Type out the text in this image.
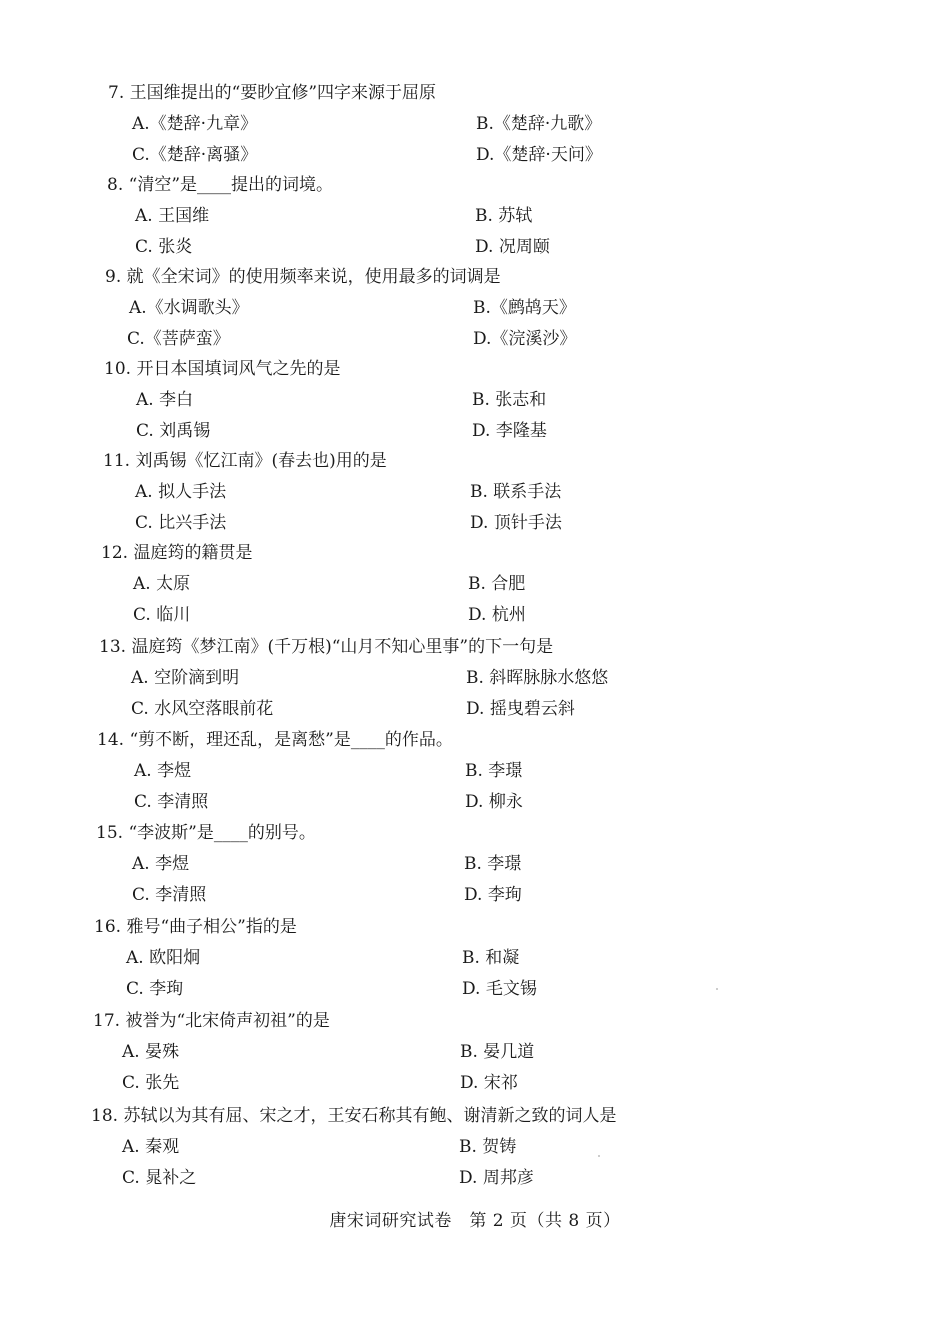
7. 王国维提出的“要眇宜修”四字来源于屈原
A.《楚辞·九章》	B.《楚辞·九歌》
C.《楚辞·离骚》	D.《楚辞·天问》
8. “清空”是____提出的词境。
A. 王国维	B. 苏轼
C. 张炎	D. 况周颐
9. 就《全宋词》的使用频率来说，使用最多的词调是
A.《水调歌头》	B.《鹧鸪天》
C.《菩萨蛮》	D.《浣溪沙》
10. 开日本国填词风气之先的是
A. 李白	B. 张志和
C. 刘禹锡	D. 李隆基
11. 刘禹锡《忆江南》(春去也)用的是
A. 拟人手法	B. 联系手法
C. 比兴手法	D. 顶针手法
12. 温庭筠的籍贯是
A. 太原	B. 合肥
C. 临川	D. 杭州
13. 温庭筠《梦江南》(千万根)“山月不知心里事”的下一句是
A. 空阶滴到明	B. 斜晖脉脉水悠悠
C. 水风空落眼前花	D. 摇曳碧云斜
14. “剪不断，理还乱，是离愁”是____的作品。
A. 李煜	B. 李璟
C. 李清照	D. 柳永
15. “李波斯”是____的别号。
A. 李煜	B. 李璟
C. 李清照	D. 李珣
16. 雅号“曲子相公”指的是
A. 欧阳炯	B. 和凝
C. 李珣	D. 毛文锡
17. 被誉为“北宋倚声初祖”的是
A. 晏殊	B. 晏几道
C. 张先	D. 宋祁
18. 苏轼以为其有屈、宋之才，王安石称其有鲍、谢清新之致的词人是
A. 秦观	B. 贺铸
C. 晁补之	D. 周邦彦
唐宋词研究试卷　第 2 页（共 8 页）
